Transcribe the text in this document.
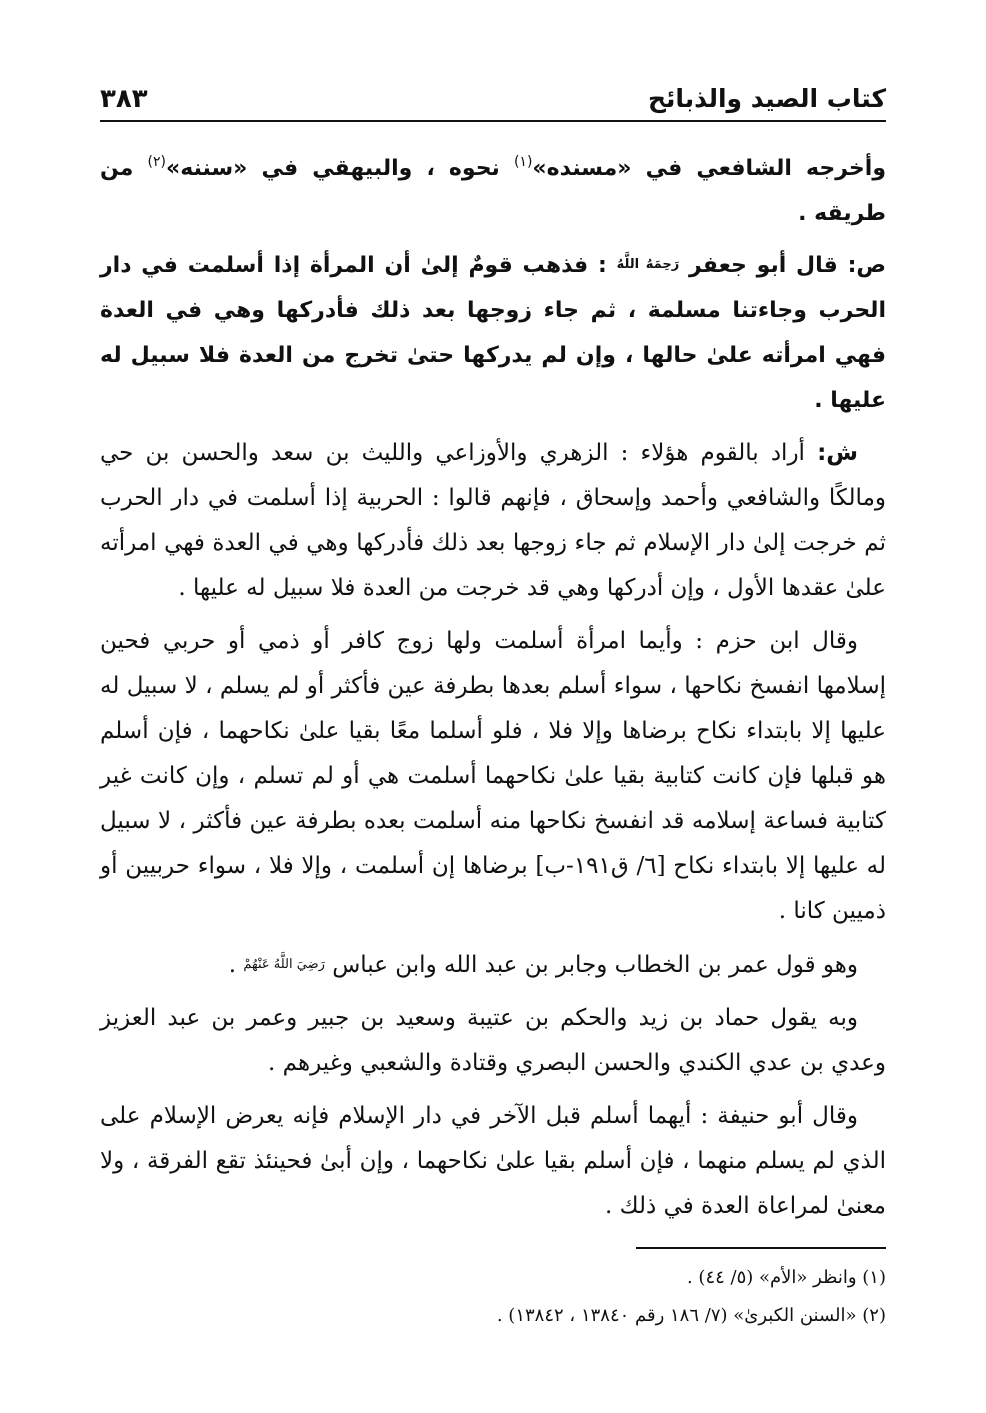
كتاب الصيد والذبائح
٣٨٣

وأخرجه الشافعي في «مسنده»$^{(١)}$ نحوه ، والبيهقي في «سننه»$^{(٢)}$ من طريقه .

ص: قال أبو جعفر رَحِمَهُ اللَّهُ : فذهب قومٌ إلىٰ أن المرأة إذا أسلمت في دار الحرب وجاءتنا مسلمة ، ثم جاء زوجها بعد ذلك فأدركها وهي في العدة فهي امرأته علىٰ حالها ، وإن لم يدركها حتىٰ تخرج من العدة فلا سبيل له عليها .

ش: أراد بالقوم هؤلاء : الزهري والأوزاعي والليث بن سعد والحسن بن حي ومالكًا والشافعي وأحمد وإسحاق ، فإنهم قالوا : الحربية إذا أسلمت في دار الحرب ثم خرجت إلىٰ دار الإسلام ثم جاء زوجها بعد ذلك فأدركها وهي في العدة فهي امرأته علىٰ عقدها الأول ، وإن أدركها وهي قد خرجت من العدة فلا سبيل له عليها .

وقال ابن حزم : وأيما امرأة أسلمت ولها زوج كافر أو ذمي أو حربي فحين إسلامها انفسخ نكاحها ، سواء أسلم بعدها بطرفة عين فأكثر أو لم يسلم ، لا سبيل له عليها إلا بابتداء نكاح برضاها وإلا فلا ، فلو أسلما معًا بقيا علىٰ نكاحهما ، فإن أسلم هو قبلها فإن كانت كتابية بقيا علىٰ نكاحهما أسلمت هي أو لم تسلم ، وإن كانت غير كتابية فساعة إسلامه قد انفسخ نكاحها منه أسلمت بعده بطرفة عين فأكثر ، لا سبيل له عليها إلا بابتداء نكاح [٦/ ق١٩١-ب] برضاها إن أسلمت ، وإلا فلا ، سواء حربيين أو ذميين كانا .

وهو قول عمر بن الخطاب وجابر بن عبد الله وابن عباس رَضِيَ اللَّهُ عَنْهُمْ .

وبه يقول حماد بن زيد والحكم بن عتيبة وسعيد بن جبير وعمر بن عبد العزيز وعدي بن عدي الكندي والحسن البصري وقتادة والشعبي وغيرهم .

وقال أبو حنيفة : أيهما أسلم قبل الآخر في دار الإسلام فإنه يعرض الإسلام على الذي لم يسلم منهما ، فإن أسلم بقيا علىٰ نكاحهما ، وإن أبىٰ فحينئذ تقع الفرقة ، ولا معنىٰ لمراعاة العدة في ذلك .

(١) وانظر «الأم» (٥/ ٤٤) .

(٢) «السنن الكبرىٰ» (٧/ ١٨٦ رقم ١٣٨٤٠ ، ١٣٨٤٢) .
